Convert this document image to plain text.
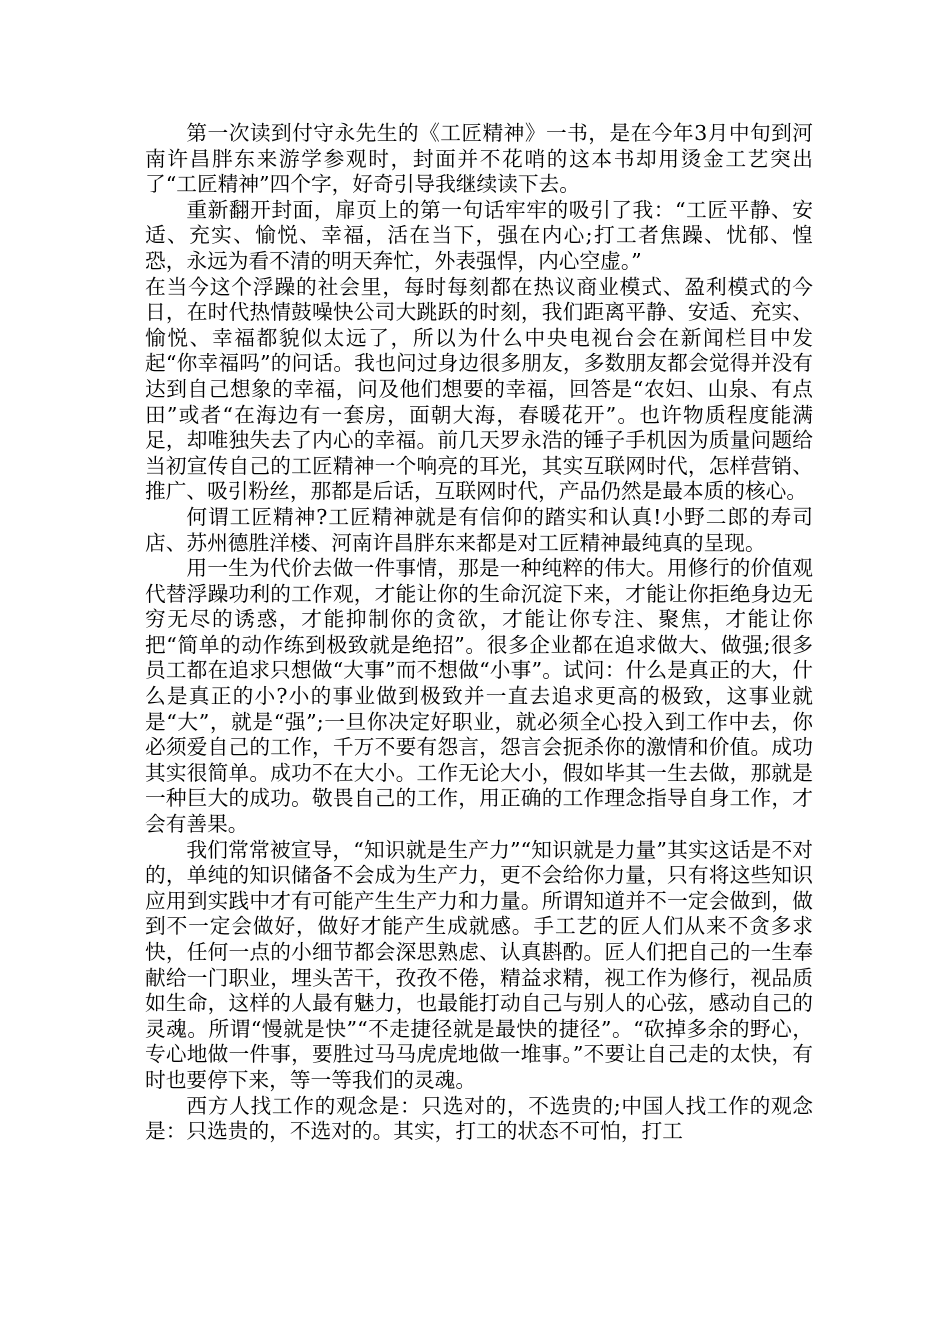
第一次读到付守永先生的《工匠精神》一书，是在今年3月中旬到河南许昌胖东来游学参观时，封面并不花哨的这本书却用烫金工艺突出了“工匠精神”四个字，好奇引导我继续读下去。

重新翻开封面，扉页上的第一句话牢牢的吸引了我：“工匠平静、安适、充实、愉悦、幸福，活在当下，强在内心;打工者焦躁、忧郁、惶恐，永远为看不清的明天奔忙，外表强悍，内心空虚。”

在当今这个浮躁的社会里，每时每刻都在热议商业模式、盈利模式的今日，在时代热情鼓噪快公司大跳跃的时刻，我们距离平静、安适、充实、愉悦、幸福都貌似太远了，所以为什么中央电视台会在新闻栏目中发起“你幸福吗”的问话。我也问过身边很多朋友，多数朋友都会觉得并没有达到自己想象的幸福，问及他们想要的幸福，回答是“农妇、山泉、有点田”或者“在海边有一套房，面朝大海，春暖花开”。也许物质程度能满足，却唯独失去了内心的幸福。前几天罗永浩的锤子手机因为质量问题给当初宣传自己的工匠精神一个响亮的耳光，其实互联网时代，怎样营销、推广、吸引粉丝，那都是后话，互联网时代，产品仍然是最本质的核心。

何谓工匠精神?工匠精神就是有信仰的踏实和认真!小野二郎的寿司店、苏州德胜洋楼、河南许昌胖东来都是对工匠精神最纯真的呈现。

用一生为代价去做一件事情，那是一种纯粹的伟大。用修行的价值观代替浮躁功利的工作观，才能让你的生命沉淀下来，才能让你拒绝身边无穷无尽的诱惑，才能抑制你的贪欲，才能让你专注、聚焦，才能让你把“简单的动作练到极致就是绝招”。很多企业都在追求做大、做强;很多员工都在追求只想做“大事”而不想做“小事”。试问：什么是真正的大，什么是真正的小?小的事业做到极致并一直去追求更高的极致，这事业就是“大”，就是“强”;一旦你决定好职业，就必须全心投入到工作中去，你必须爱自己的工作，千万不要有怨言，怨言会扼杀你的激情和价值。成功其实很简单。成功不在大小。工作无论大小，假如毕其一生去做，那就是一种巨大的成功。敬畏自己的工作，用正确的工作理念指导自身工作，才会有善果。

我们常常被宣导，“知识就是生产力”“知识就是力量”其实这话是不对的，单纯的知识储备不会成为生产力，更不会给你力量，只有将这些知识应用到实践中才有可能产生生产力和力量。所谓知道并不一定会做到，做到不一定会做好，做好才能产生成就感。手工艺的匠人们从来不贪多求快，任何一点的小细节都会深思熟虑、认真斟酌。匠人们把自己的一生奉献给一门职业，埋头苦干，孜孜不倦，精益求精，视工作为修行，视品质如生命，这样的人最有魅力，也最能打动自己与别人的心弦，感动自己的灵魂。所谓“慢就是快”“不走捷径就是最快的捷径”。“砍掉多余的野心，专心地做一件事，要胜过马马虎虎地做一堆事。”不要让自己走的太快，有时也要停下来，等一等我们的灵魂。

西方人找工作的观念是：只选对的，不选贵的;中国人找工作的观念是：只选贵的，不选对的。其实，打工的状态不可怕，打工
